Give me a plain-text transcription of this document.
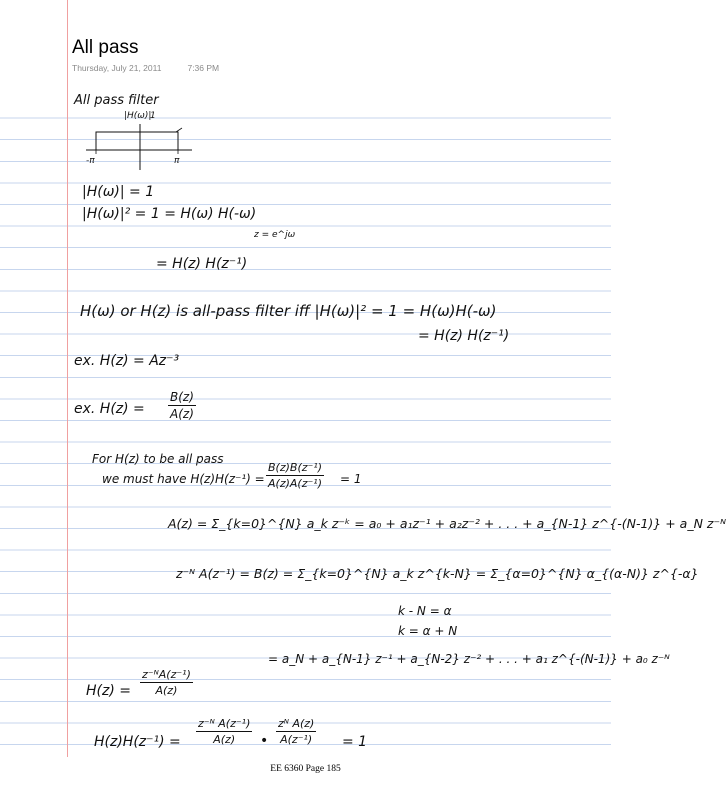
All pass
Thursday, July 21, 2011	7:36 PM
All pass filter
|H(ω)|
1
-π	π
|H(ω)| = 1
|H(ω)|² = 1 = H(ω) H(-ω)
z = e^jω
= H(z) H(z⁻¹)
H(ω) or H(z) is all-pass filter iff |H(ω)|² = 1 = H(ω)H(-ω)
= H(z) H(z⁻¹)
ex. H(z) = Az⁻³
ex. $H(z) = \frac{B(z)}{A(z)}$
For H(z) to be all pass
we must have $H(z)H(z^{-1}) = \frac{\text{B(z)B(z⁻¹)}}{\text{A(z)A(z⁻¹)}} = 1$
A(z) = Σ_{k=0}^{N} a_k z⁻ᵏ = a₀ + a₁z⁻¹ + a₂z⁻² + . . . + a_{N-1} z^{-(N-1)} + a_N z⁻ᴺ
z⁻ᴺ A(z⁻¹) = B(z) = Σ_{k=0}^{N} a_k z^{k-N} = Σ_{α=0}^{N} α_{(α-N)} z^{-α}
k - N = α
k = α + N
= a_N + a_{N-1} z⁻¹ + a_{N-2} z⁻² + . . . + a₁ z^{-(N-1)} + a₀ z⁻ᴺ
$H(z) = \frac{\text{z⁻ᴺA(z⁻¹)}}{A(z)}$
$H(z)H(z^{-1}) = \frac{\text{z⁻ᴺ A(z⁻¹)}}{A(z)}$ • $\frac{\text{zᴺ A(z)}}{\text{A(z⁻¹)}} = 1$
EE 6360 Page 185
